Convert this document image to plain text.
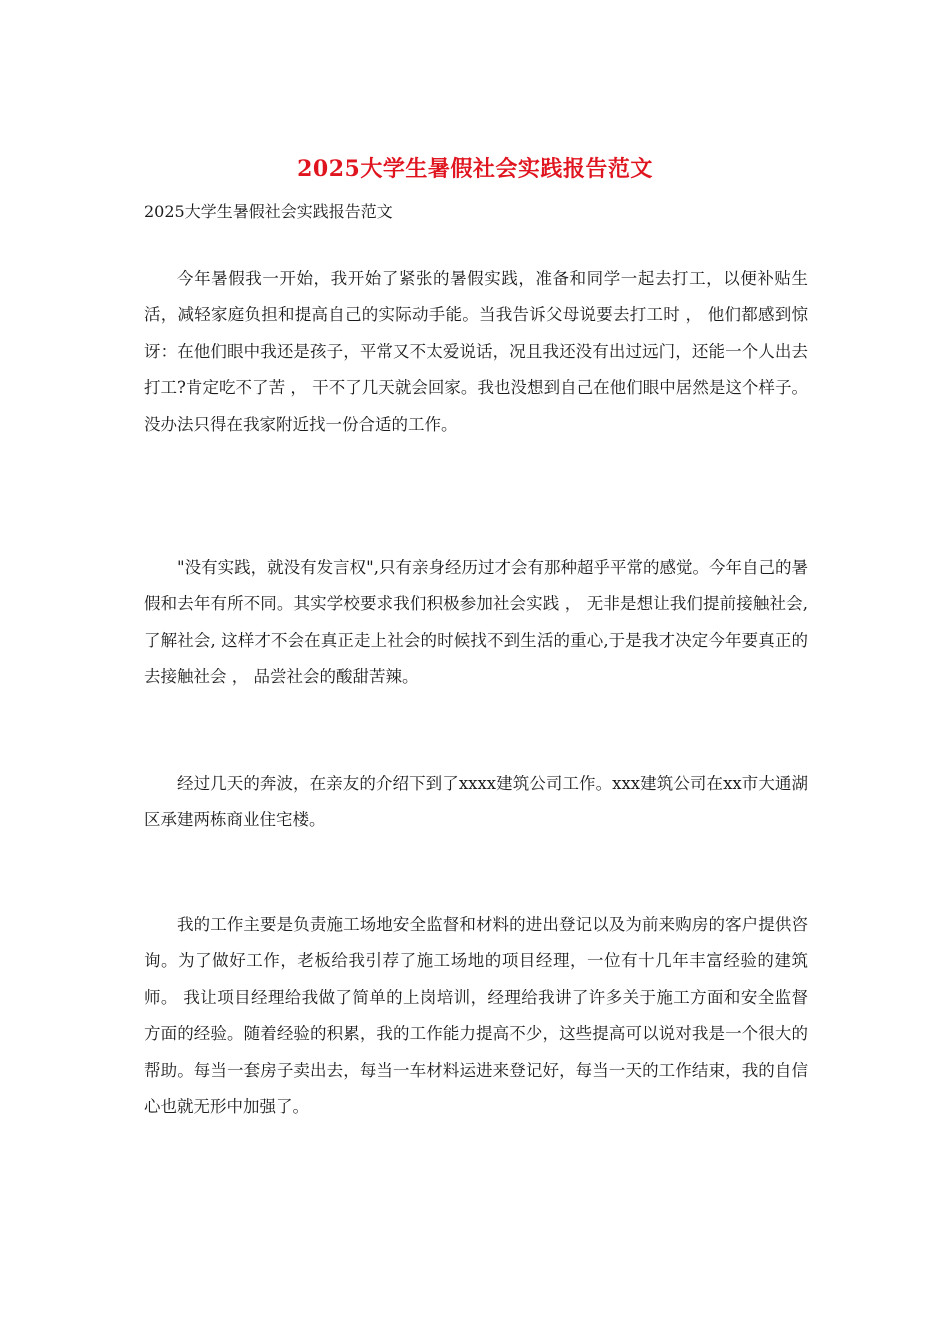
2025大学生暑假社会实践报告范文

2025大学生暑假社会实践报告范文

今年暑假我一开始，我开始了紧张的暑假实践，准备和同学一起去打工，以便补贴生活，减轻家庭负担和提高自己的实际动手能。当我告诉父母说要去打工时 ， 他们都感到惊讶：在他们眼中我还是孩子，平常又不太爱说话，况且我还没有出过远门，还能一个人出去打工?肯定吃不了苦 ， 干不了几天就会回家。我也没想到自己在他们眼中居然是这个样子。没办法只得在我家附近找一份合适的工作。

"没有实践，就没有发言权",只有亲身经历过才会有那种超乎平常的感觉。今年自己的暑假和去年有所不同。其实学校要求我们积极参加社会实践 ， 无非是想让我们提前接触社会,了解社会, 这样才不会在真正走上社会的时候找不到生活的重心,于是我才决定今年要真正的去接触社会 ， 品尝社会的酸甜苦辣。

经过几天的奔波，在亲友的介绍下到了xxxx建筑公司工作。xxx建筑公司在xx市大通湖区承建两栋商业住宅楼。

我的工作主要是负责施工场地安全监督和材料的进出登记以及为前来购房的客户提供咨询。为了做好工作，老板给我引荐了施工场地的项目经理，一位有十几年丰富经验的建筑师。 我让项目经理给我做了简单的上岗培训，经理给我讲了许多关于施工方面和安全监督方面的经验。随着经验的积累，我的工作能力提高不少，这些提高可以说对我是一个很大的帮助。每当一套房子卖出去，每当一车材料运进来登记好，每当一天的工作结束，我的自信心也就无形中加强了。
